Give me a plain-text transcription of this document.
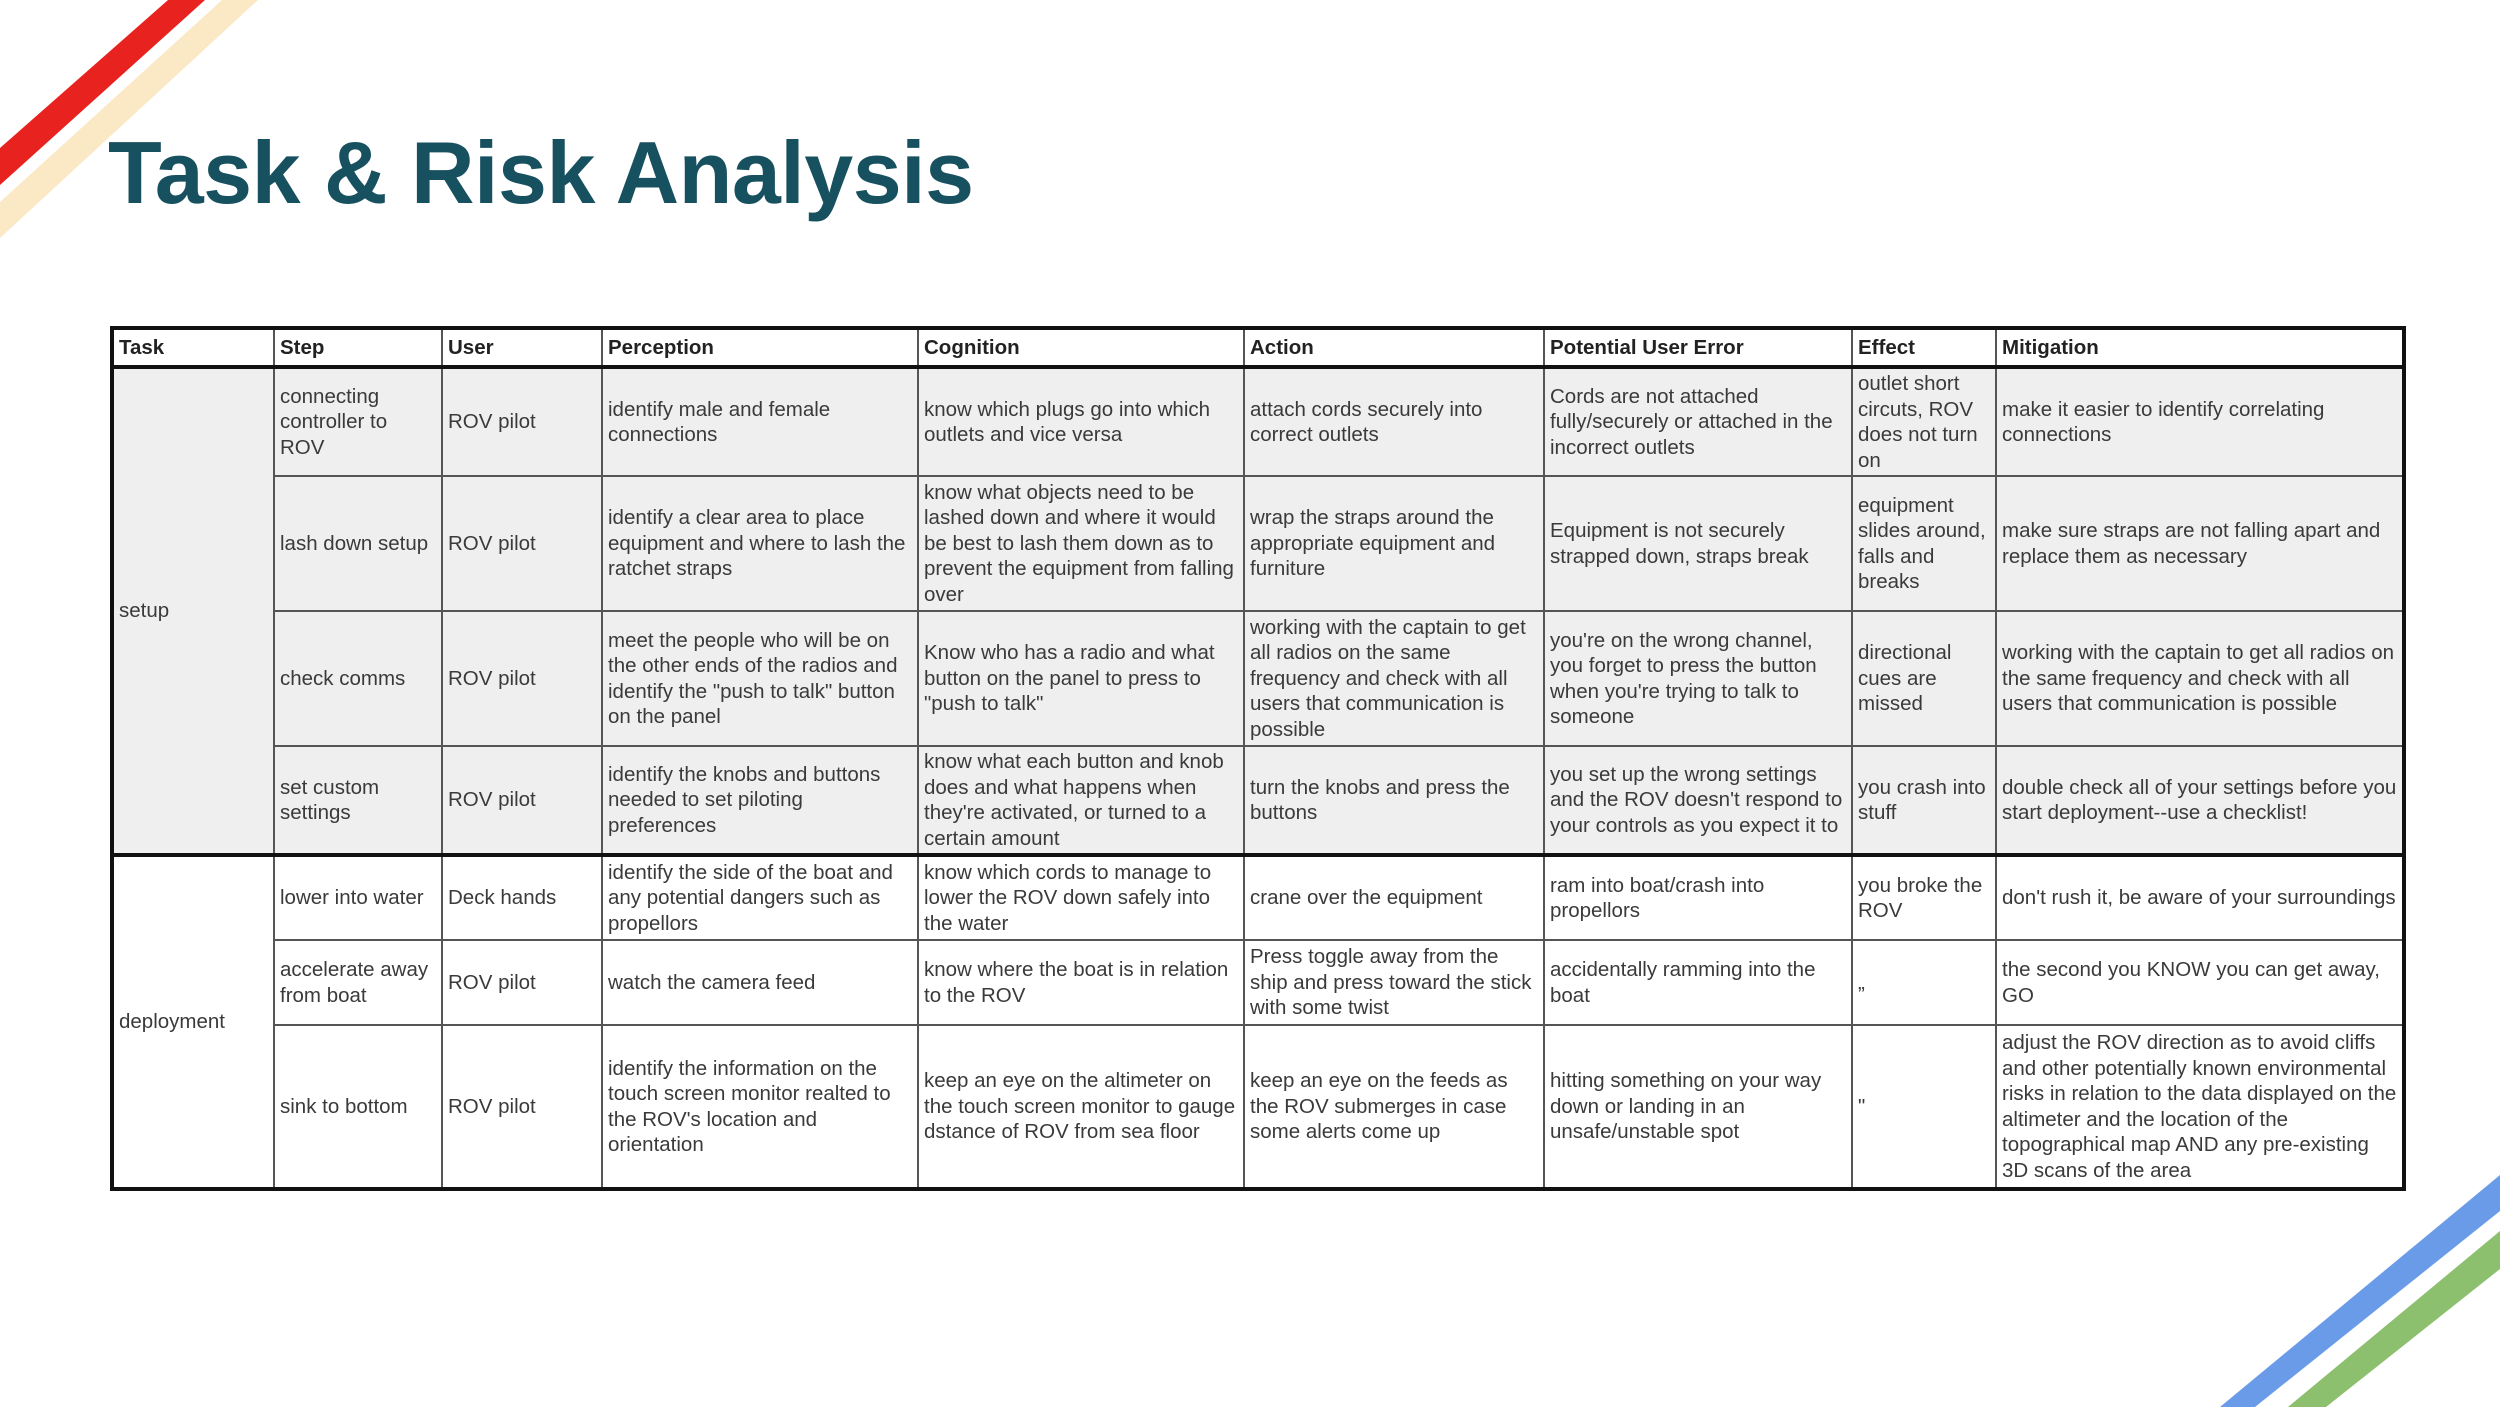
Task & Risk Analysis
Task	Step	User	Perception	Cognition	Action	Potential User Error	Effect	Mitigation
setup	connecting controller to ROV	ROV pilot	identify male and female connections	know which plugs go into which outlets and vice versa	attach cords securely into correct outlets	Cords are not attached fully/securely or attached in the incorrect outlets	outlet short circuts, ROV does not turn on	make it easier to identify correlating connections
	lash down setup	ROV pilot	identify a clear area to place equipment and where to lash the ratchet straps	know what objects need to be lashed down and where it would be best to lash them down as to prevent the equipment from falling over	wrap the straps around the appropriate equipment and furniture	Equipment is not securely strapped down, straps break	equipment slides around, falls and breaks	make sure straps are not falling apart and replace them as necessary
	check comms	ROV pilot	meet the people who will be on the other ends of the radios and identify the "push to talk" button on the panel	Know who has a radio and what button on the panel to press to "push to talk"	working with the captain to get all radios on the same frequency and check with all users that communication is possible	you're on the wrong channel, you forget to press the button when you're trying to talk to someone	directional cues are missed	working with the captain to get all radios on the same frequency and check with all users that communication is possible
	set custom settings	ROV pilot	identify the knobs and buttons needed to set piloting preferences	know what each button and knob does and what happens when they're activated, or turned to a certain amount	turn the knobs and press the buttons	you set up the wrong settings and the ROV doesn't respond to your controls as you expect it to	you crash into stuff	double check all of your settings before you start deployment--use a checklist!
deployment	lower into water	Deck hands	identify the side of the boat and any potential dangers such as propellors	know which cords to manage to lower the ROV down safely into the water	crane over the equipment	ram into boat/crash into propellors	you broke the ROV	don't rush it, be aware of your surroundings
	accelerate away from boat	ROV pilot	watch the camera feed	know where the boat is in relation to the ROV	Press toggle away from the ship and press toward the stick with some twist	accidentally ramming into the boat	„	the second you KNOW you can get away, GO
	sink to bottom	ROV pilot	identify the information on the touch screen monitor realted to the ROV's location and orientation	keep an eye on the altimeter on the touch screen monitor to gauge dstance of ROV from sea floor	keep an eye on the feeds as the ROV submerges in case some alerts come up	hitting something on your way down or landing in an unsafe/unstable spot	"	adjust the ROV direction as to avoid cliffs and other potentially known environmental risks in relation to the data displayed on the altimeter and the location of the topographical map AND any pre-existing 3D scans of the area
